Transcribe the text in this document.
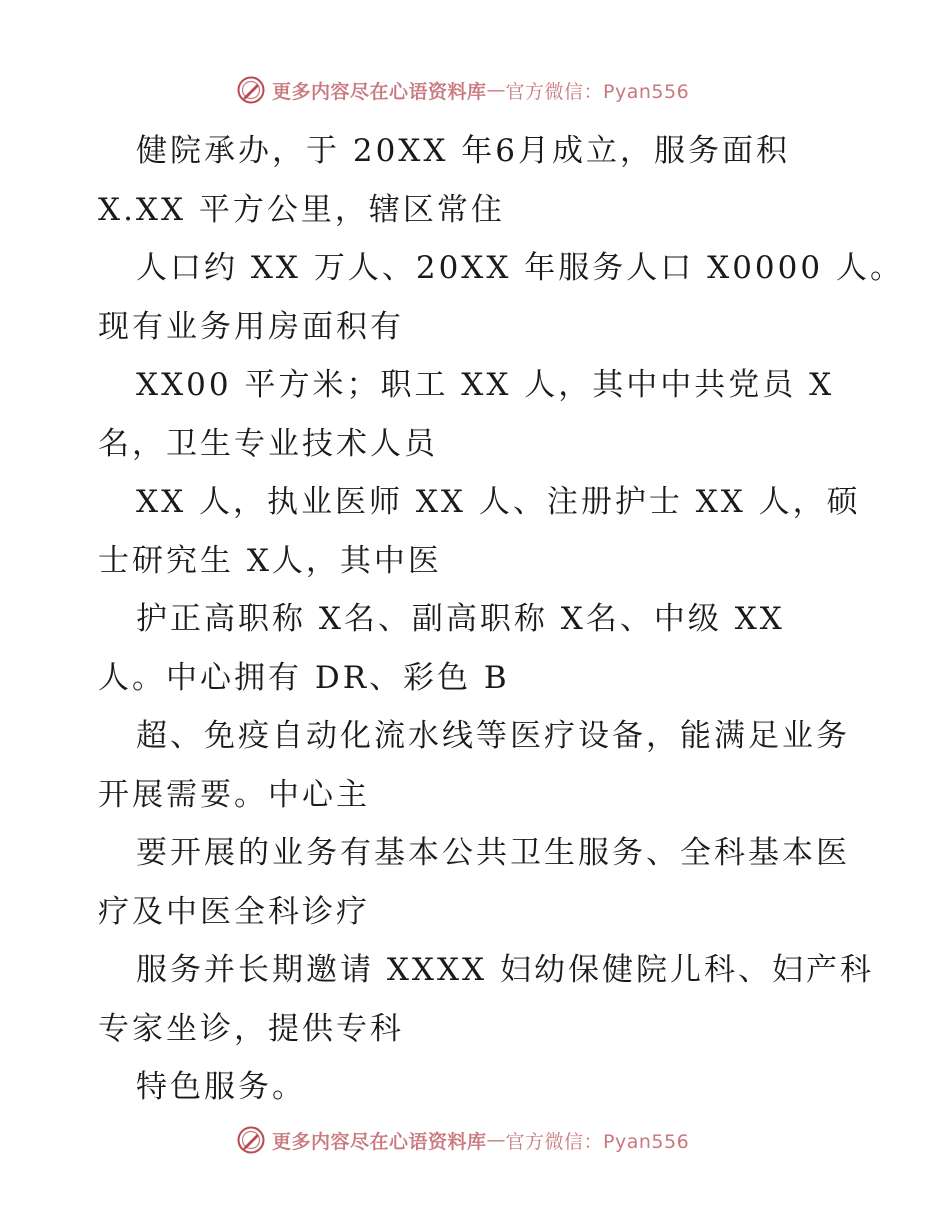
更多内容尽在心语资料库 — 官方微信：Pyan556
健院承办，于 20XX 年6月成立，服务面积
X.XX 平方公里，辖区常住
人口约 XX 万人、20XX 年服务人口 X0000 人。
现有业务用房面积有
XX00 平方米；职工 XX 人，其中中共党员 X
名，卫生专业技术人员
XX 人，执业医师 XX 人、注册护士 XX 人，硕
士研究生 X人，其中医
护正高职称 X名、副高职称 X名、中级 XX
人。中心拥有 DR、彩色 B
超、免疫自动化流水线等医疗设备，能满足业务
开展需要。中心主
要开展的业务有基本公共卫生服务、全科基本医
疗及中医全科诊疗
服务并长期邀请 XXXX 妇幼保健院儿科、妇产科
专家坐诊，提供专科
特色服务。
更多内容尽在心语资料库 — 官方微信：Pyan556
